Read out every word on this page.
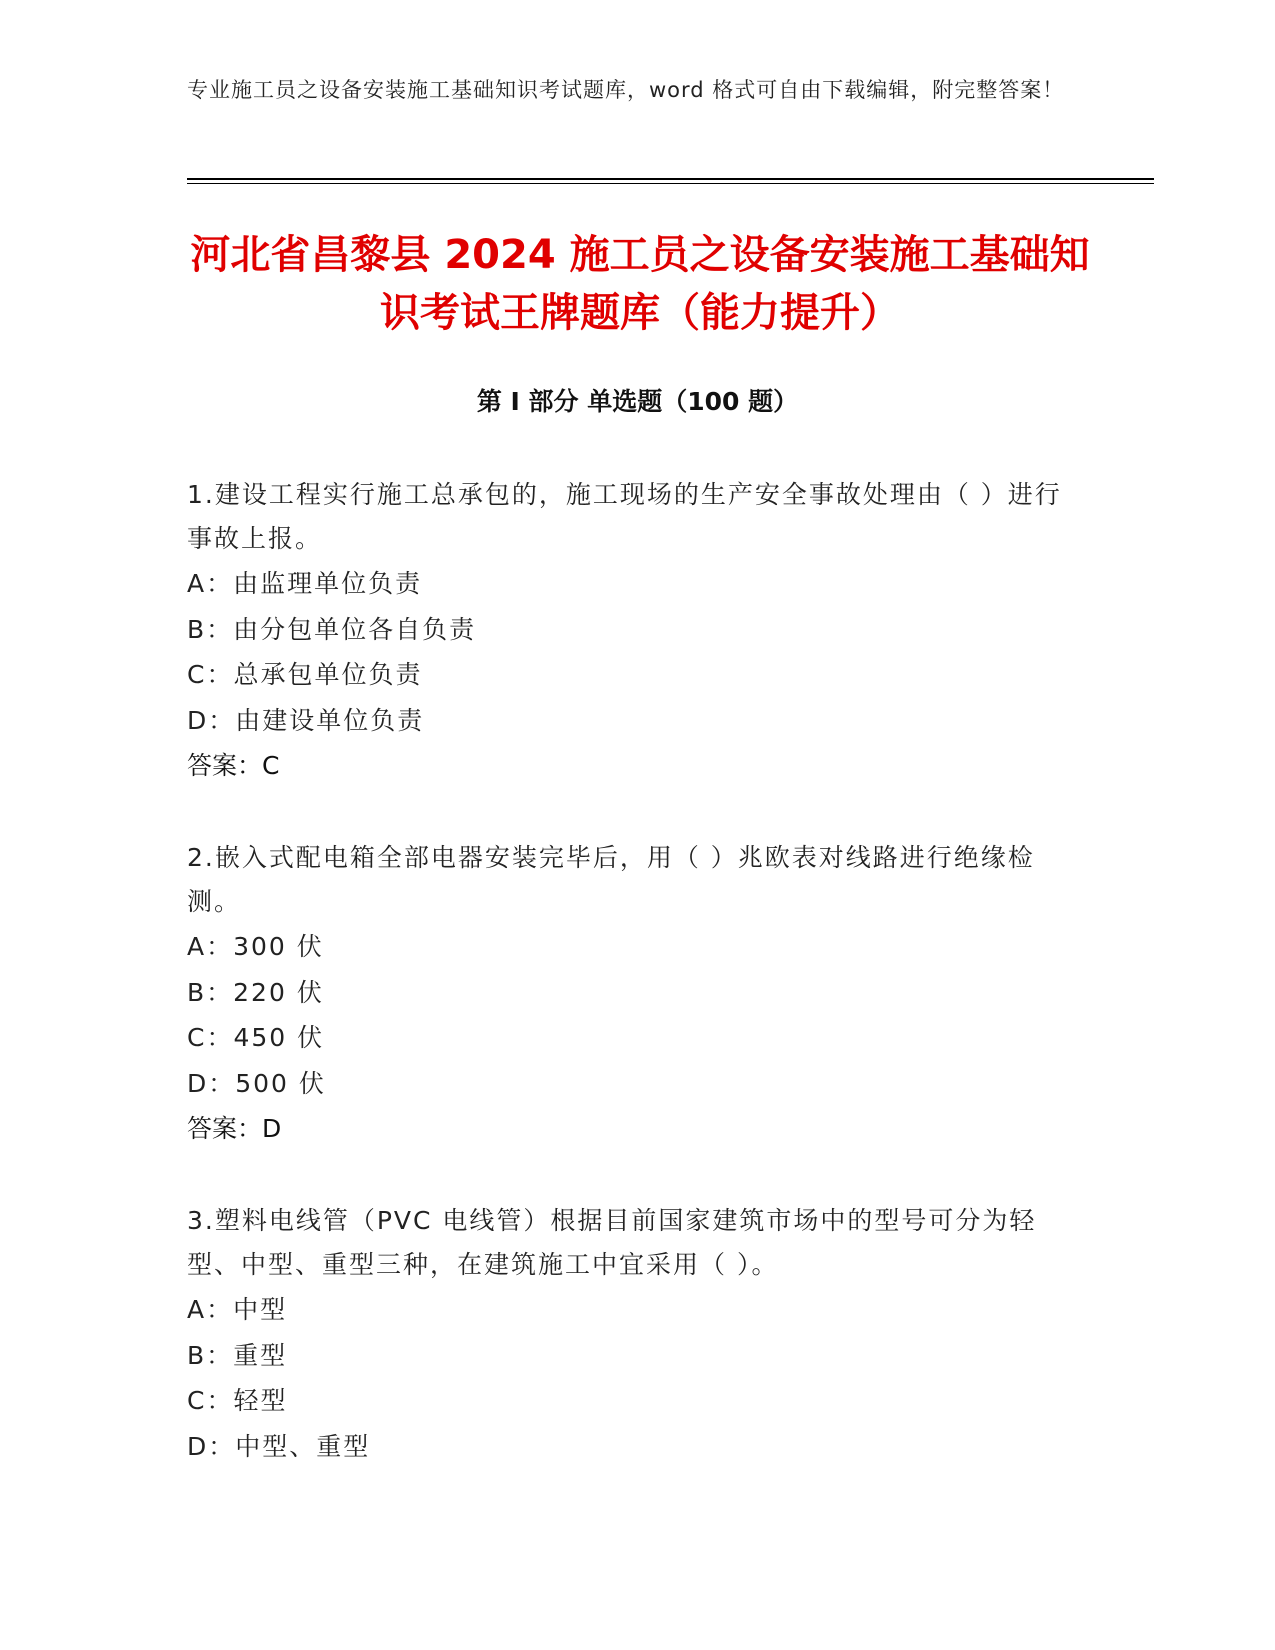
专业施工员之设备安装施工基础知识考试题库，word 格式可自由下载编辑，附完整答案！
河北省昌黎县 2024 施工员之设备安装施工基础知识考试王牌题库（能力提升）
第 I 部分 单选题（100 题）

1.建设工程实行施工总承包的，施工现场的生产安全事故处理由（ ）进行事故上报。

A：由监理单位负责

B：由分包单位各自负责

C：总承包单位负责

D：由建设单位负责

答案：C

2.嵌入式配电箱全部电器安装完毕后，用（ ）兆欧表对线路进行绝缘检测。

A：300 伏

B：220 伏

C：450 伏

D：500 伏

答案：D

3.塑料电线管（PVC 电线管）根据目前国家建筑市场中的型号可分为轻型、中型、重型三种，在建筑施工中宜采用（ ）。

A：中型

B：重型

C：轻型

D：中型、重型
